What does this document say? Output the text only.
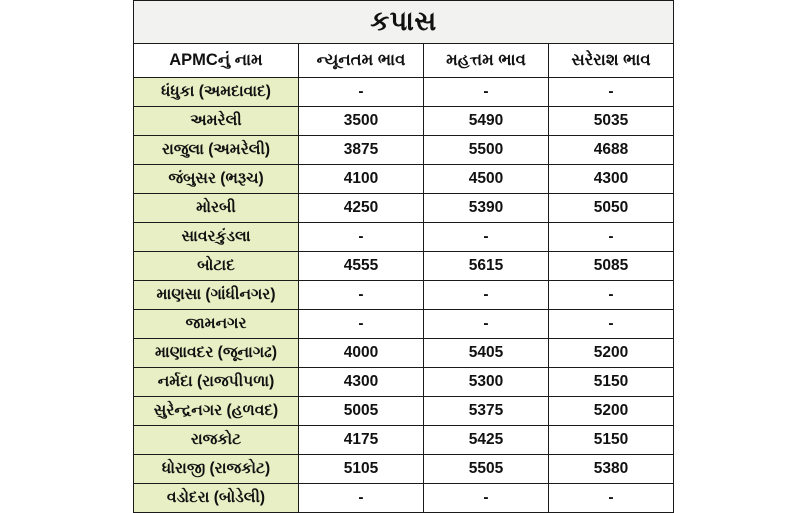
કપાસ			
APMCનું નામ	ન્યૂનતમ ભાવ	મહત્તમ ભાવ	સરેરાશ ભાવ
ધંધુકા (અમદાવાદ)	-	-	-
અમરેલી	3500	5490	5035
રાજુલા (અમરેલી)	3875	5500	4688
જંબુસર (ભરૂચ)	4100	4500	4300
મોરબી	4250	5390	5050
સાવરકુંડલા	-	-	-
બોટાદ	4555	5615	5085
માણસા (ગાંધીનગર)	-	-	-
જામનગર	-	-	-
માણાવદર (જૂનાગઢ)	4000	5405	5200
નર્મદા (રાજપીપળા)	4300	5300	5150
સુરેન્દ્રનગર (હળવદ)	5005	5375	5200
રાજકોટ	4175	5425	5150
ધોરાજી (રાજકોટ)	5105	5505	5380
વડોદરા (બોડેલી)	-	-	-
